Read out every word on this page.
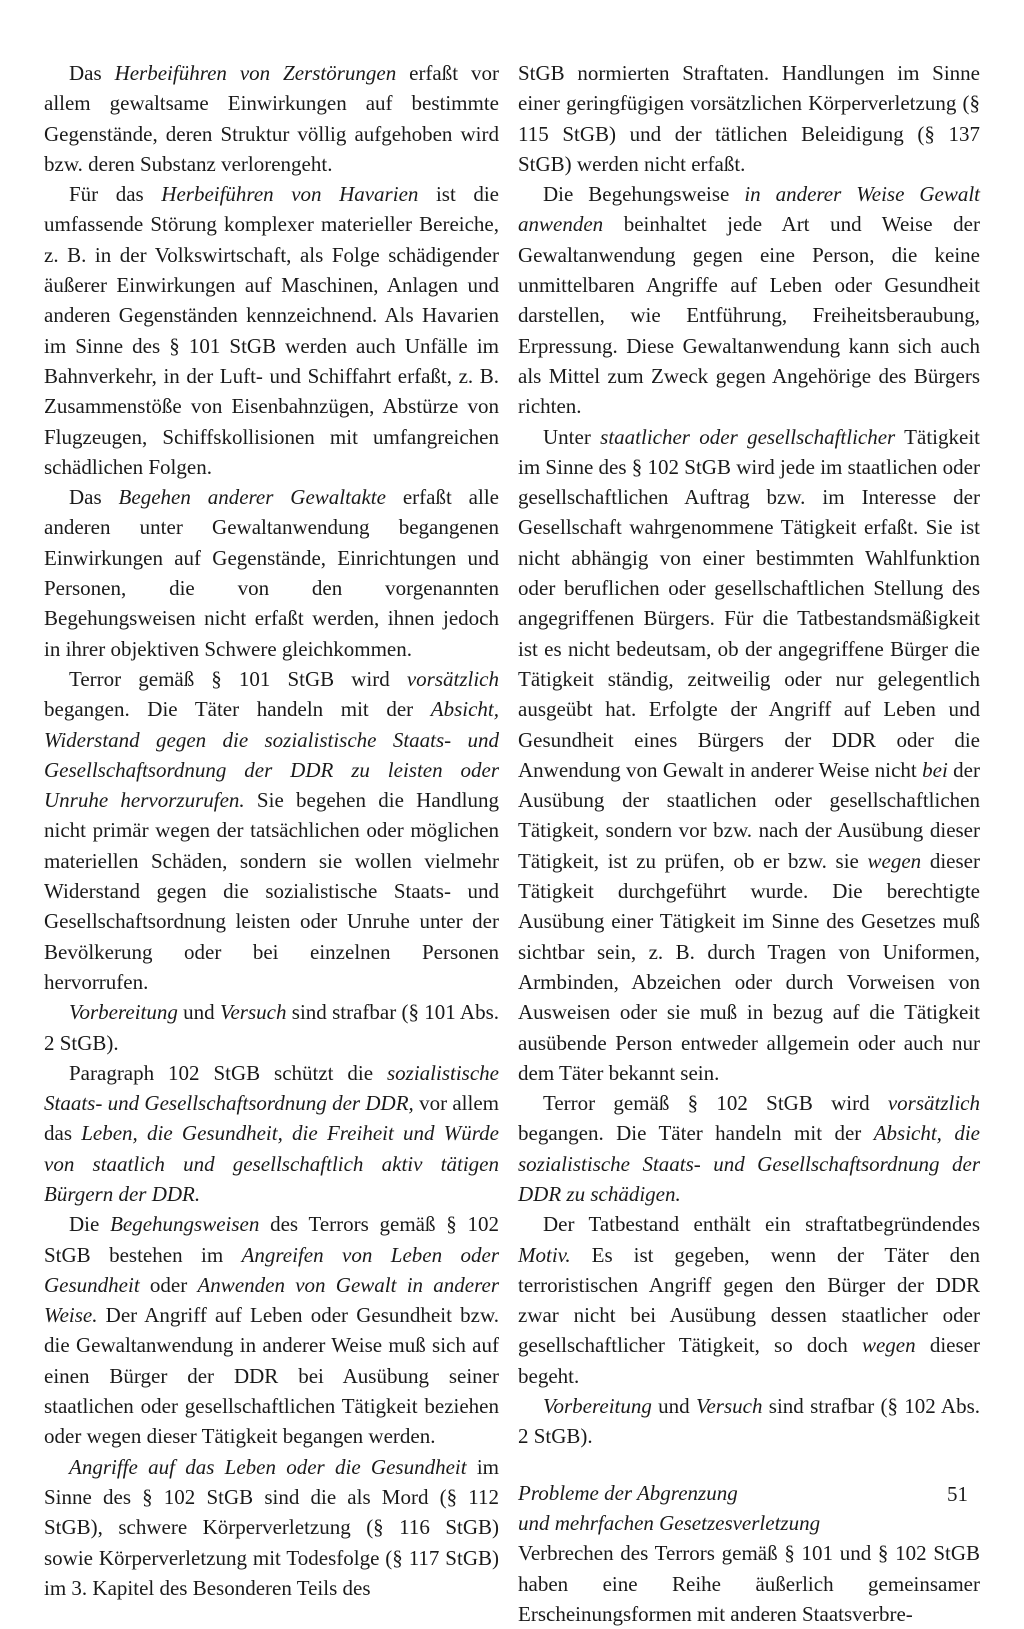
Das Herbeiführen von Zerstörungen erfaßt vor allem gewaltsame Einwirkungen auf bestimmte Gegenstände, deren Struktur völlig aufgehoben wird bzw. deren Substanz verlorengeht.

Für das Herbeiführen von Havarien ist die umfassende Störung komplexer materieller Bereiche, z. B. in der Volkswirtschaft, als Folge schädigender äußerer Einwirkungen auf Maschinen, Anlagen und anderen Gegenständen kennzeichnend. Als Havarien im Sinne des § 101 StGB werden auch Unfälle im Bahnverkehr, in der Luft- und Schiffahrt erfaßt, z. B. Zusammenstöße von Eisenbahnzügen, Abstürze von Flugzeugen, Schiffskollisionen mit umfangreichen schädlichen Folgen.

Das Begehen anderer Gewaltakte erfaßt alle anderen unter Gewaltanwendung begangenen Einwirkungen auf Gegenstände, Einrichtungen und Personen, die von den vorgenannten Begehungsweisen nicht erfaßt werden, ihnen jedoch in ihrer objektiven Schwere gleichkommen.

Terror gemäß § 101 StGB wird vorsätzlich begangen. Die Täter handeln mit der Absicht, Widerstand gegen die sozialistische Staats- und Gesellschaftsordnung der DDR zu leisten oder Unruhe hervorzurufen. Sie begehen die Handlung nicht primär wegen der tatsächlichen oder möglichen materiellen Schäden, sondern sie wollen vielmehr Widerstand gegen die sozialistische Staats- und Gesellschaftsordnung leisten oder Unruhe unter der Bevölkerung oder bei einzelnen Personen hervorrufen.

Vorbereitung und Versuch sind strafbar (§ 101 Abs. 2 StGB).

Paragraph 102 StGB schützt die sozialistische Staats- und Gesellschaftsordnung der DDR, vor allem das Leben, die Gesundheit, die Freiheit und Würde von staatlich und gesellschaftlich aktiv tätigen Bürgern der DDR.

Die Begehungsweisen des Terrors gemäß § 102 StGB bestehen im Angreifen von Leben oder Gesundheit oder Anwenden von Gewalt in anderer Weise. Der Angriff auf Leben oder Gesundheit bzw. die Gewaltanwendung in anderer Weise muß sich auf einen Bürger der DDR bei Ausübung seiner staatlichen oder gesellschaftlichen Tätigkeit beziehen oder wegen dieser Tätigkeit begangen werden.

Angriffe auf das Leben oder die Gesundheit im Sinne des § 102 StGB sind die als Mord (§ 112 StGB), schwere Körperverletzung (§ 116 StGB) sowie Körperverletzung mit Todesfolge (§ 117 StGB) im 3. Kapitel des Besonderen Teils des

StGB normierten Straftaten. Handlungen im Sinne einer geringfügigen vorsätzlichen Körperverletzung (§ 115 StGB) und der tätlichen Beleidigung (§ 137 StGB) werden nicht erfaßt.

Die Begehungsweise in anderer Weise Gewalt anwenden beinhaltet jede Art und Weise der Gewaltanwendung gegen eine Person, die keine unmittelbaren Angriffe auf Leben oder Gesundheit darstellen, wie Entführung, Freiheitsberaubung, Erpressung. Diese Gewaltanwendung kann sich auch als Mittel zum Zweck gegen Angehörige des Bürgers richten.

Unter staatlicher oder gesellschaftlicher Tätigkeit im Sinne des § 102 StGB wird jede im staatlichen oder gesellschaftlichen Auftrag bzw. im Interesse der Gesellschaft wahrgenommene Tätigkeit erfaßt. Sie ist nicht abhängig von einer bestimmten Wahlfunktion oder beruflichen oder gesellschaftlichen Stellung des angegriffenen Bürgers. Für die Tatbestandsmäßigkeit ist es nicht bedeutsam, ob der angegriffene Bürger die Tätigkeit ständig, zeitweilig oder nur gelegentlich ausgeübt hat. Erfolgte der Angriff auf Leben und Gesundheit eines Bürgers der DDR oder die Anwendung von Gewalt in anderer Weise nicht bei der Ausübung der staatlichen oder gesellschaftlichen Tätigkeit, sondern vor bzw. nach der Ausübung dieser Tätigkeit, ist zu prüfen, ob er bzw. sie wegen dieser Tätigkeit durchgeführt wurde. Die berechtigte Ausübung einer Tätigkeit im Sinne des Gesetzes muß sichtbar sein, z. B. durch Tragen von Uniformen, Armbinden, Abzeichen oder durch Vorweisen von Ausweisen oder sie muß in bezug auf die Tätigkeit ausübende Person entweder allgemein oder auch nur dem Täter bekannt sein.

Terror gemäß § 102 StGB wird vorsätzlich begangen. Die Täter handeln mit der Absicht, die sozialistische Staats- und Gesellschaftsordnung der DDR zu schädigen.

Der Tatbestand enthält ein straftatbegründendes Motiv. Es ist gegeben, wenn der Täter den terroristischen Angriff gegen den Bürger der DDR zwar nicht bei Ausübung dessen staatlicher oder gesellschaftlicher Tätigkeit, so doch wegen dieser begeht.

Vorbereitung und Versuch sind strafbar (§ 102 Abs. 2 StGB).

Probleme der Abgrenzung
und mehrfachen Gesetzesverletzung

Verbrechen des Terrors gemäß § 101 und § 102 StGB haben eine Reihe äußerlich gemeinsamer Erscheinungsformen mit anderen Staatsverbre-

51
